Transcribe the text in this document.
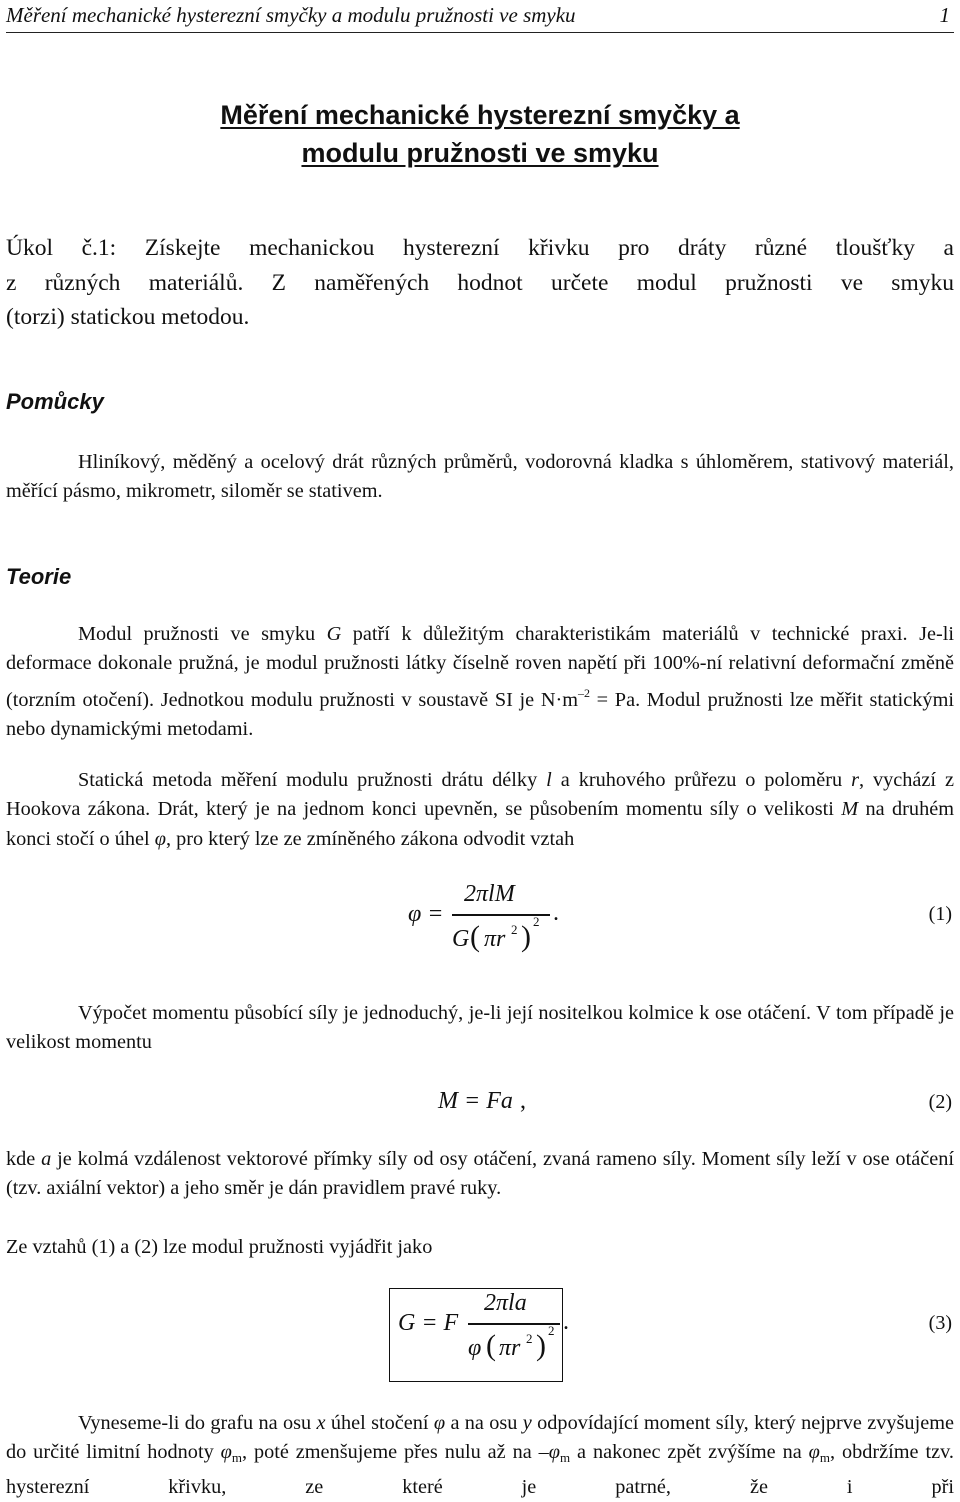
Měření mechanické hysterezní smyčky a modulu pružnosti ve smyku	1
Měření mechanické hysterezní smyčky a
modulu pružnosti ve smyku
Úkol č.1: Získejte mechanickou hysterezní křivku pro dráty různé tloušťky a
z různých materiálů. Z naměřených hodnot určete modul pružnosti ve smyku
(torzi) statickou metodou.
Pomůcky
Hliníkový, měděný a ocelový drát různých průměrů, vodorovná kladka s úhloměrem, stativový materiál, měřící pásmo, mikrometr, siloměr se stativem.
Teorie
Modul pružnosti ve smyku G patří k důležitým charakteristikám materiálů v technické praxi. Je-li deformace dokonale pružná, je modul pružnosti látky číselně roven napětí při 100%-ní relativní deformační změně (torzním otočení). Jednotkou modulu pružnosti v soustavě SI je $N\cdot m^{-2} = Pa$. Modul pružnosti lze měřit statickými nebo dynamickými metodami.
Statická metoda měření modulu pružnosti drátu délky l a kruhového průřezu o poloměru r, vychází z Hookova zákona. Drát, který je na jednom konci upevněn, se působením momentu síly o velikosti M na druhém konci stočí o úhel φ, pro který lze ze zmíněného zákona odvodit vztah
φ =
2πlM
G ( πr 2 ) 2 .	(1)
Výpočet momentu působící síly je jednoduchý, je-li její nositelkou kolmice k ose otáčení. V tom případě je velikost momentu
M = Fa ,	(2)
kde a je kolmá vzdálenost vektorové přímky síly od osy otáčení, zvaná rameno síly. Moment síly leží v ose otáčení (tzv. axiální vektor) a jeho směr je dán pravidlem pravé ruky.
Ze vztahů (1) a (2) lze modul pružnosti vyjádřit jako
G = F
2πla
φ ( πr 2 ) 2 .	(3)
Vyneseme-li do grafu na osu x úhel stočení φ a na osu y odpovídající moment síly, který nejprve zvyšujeme do určité limitní hodnoty $\varphi_m$, poté zmenšujeme přes nulu až na $-\varphi_m$ a nakonec zpět zvýšíme na $\varphi_m$, obdržíme tzv. hysterezní křivku, ze které je patrné, že i při
